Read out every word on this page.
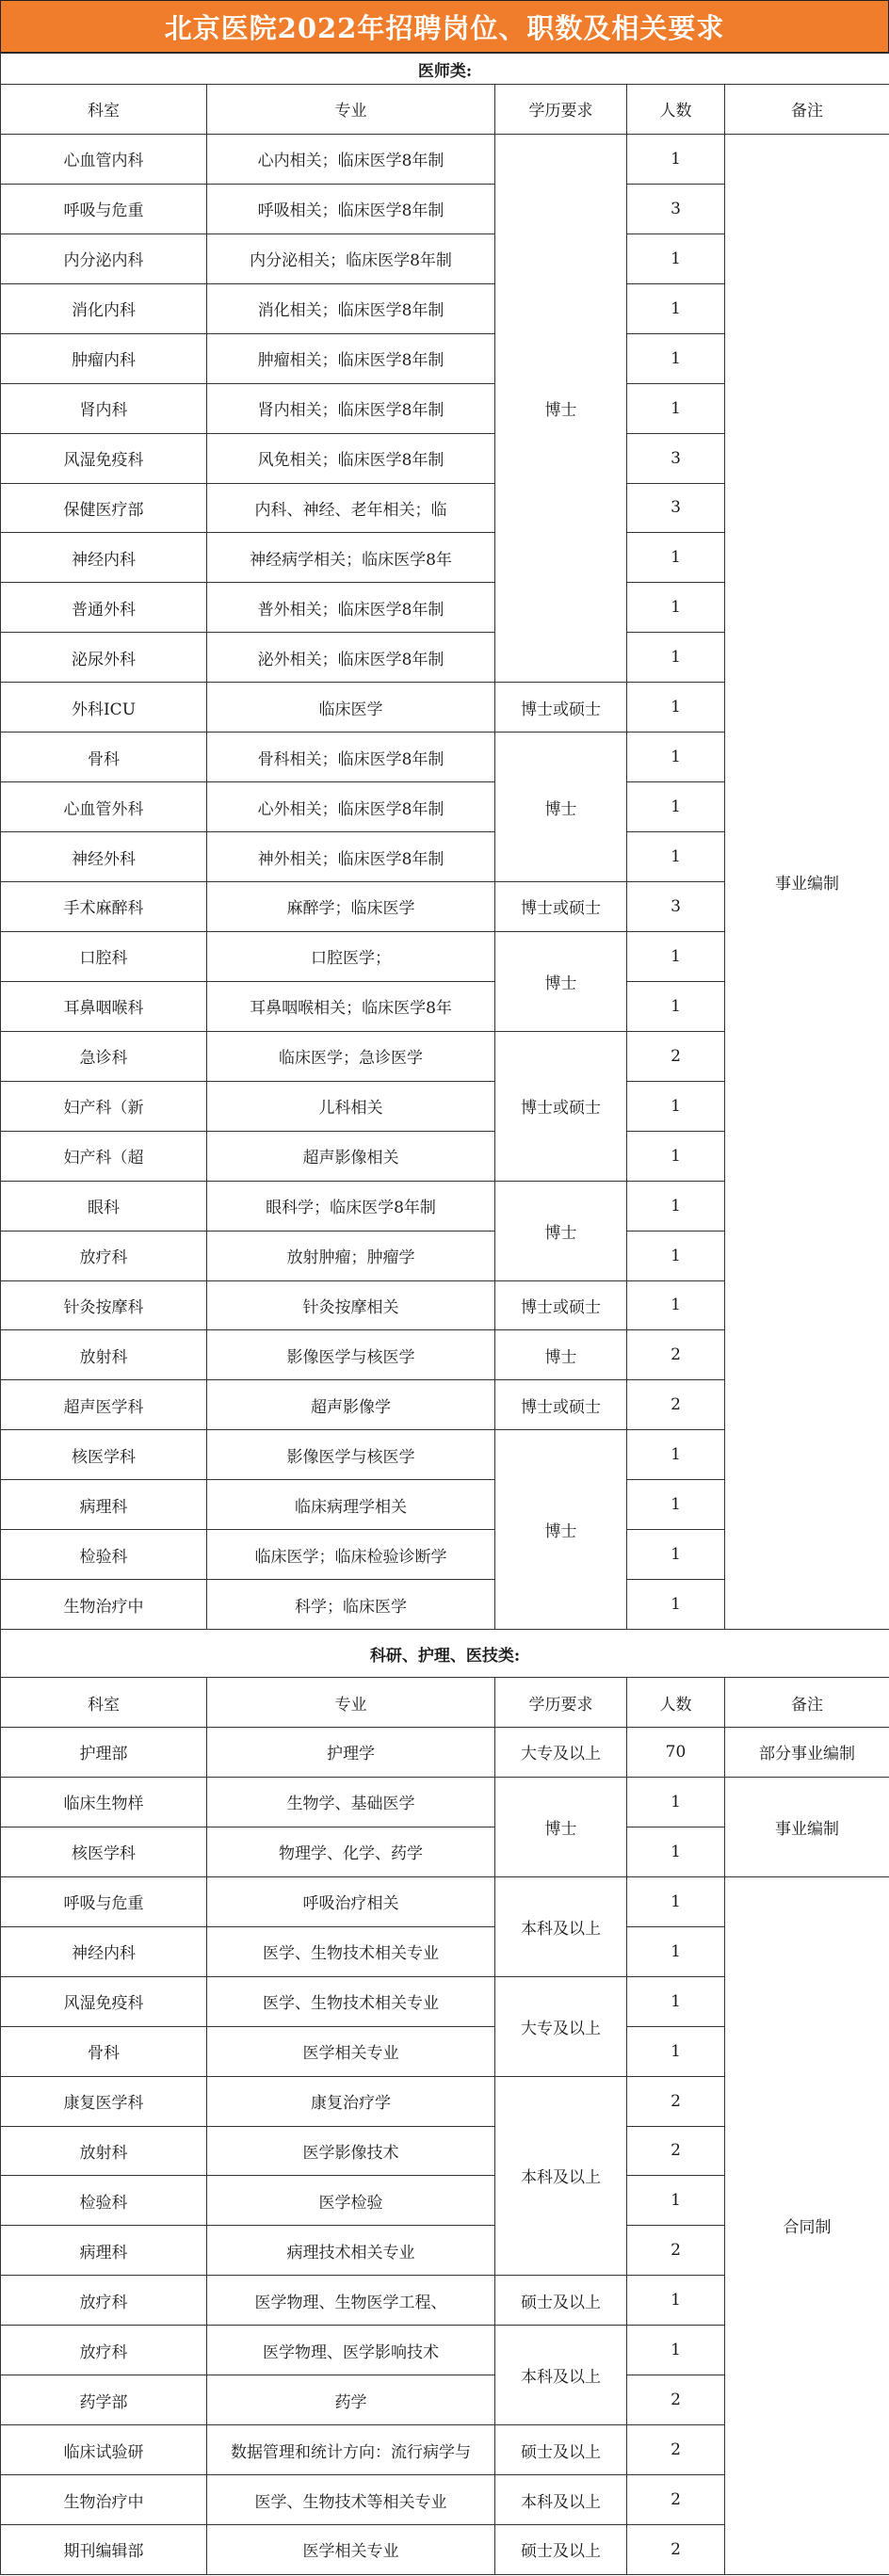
北京医院2022年招聘岗位、职数及相关要求
医师类:				
科室	专业	学历要求	人数	备注
心血管内科	心内相关；临床医学8年制	博士	1	事业编制
呼吸与危重	呼吸相关；临床医学8年制		3	
内分泌内科	内分泌相关；临床医学8年制		1	
消化内科	消化相关；临床医学8年制		1	
肿瘤内科	肿瘤相关；临床医学8年制		1	
肾内科	肾内相关；临床医学8年制		1	
风湿免疫科	风免相关；临床医学8年制		3	
保健医疗部	内科、神经、老年相关；临		3	
神经内科	神经病学相关；临床医学8年		1	
普通外科	普外相关；临床医学8年制		1	
泌尿外科	泌外相关；临床医学8年制		1	
外科ICU	临床医学	博士或硕士	1	
骨科	骨科相关；临床医学8年制	博士	1	
心血管外科	心外相关；临床医学8年制		1	
神经外科	神外相关；临床医学8年制		1	
手术麻醉科	麻醉学；临床医学	博士或硕士	3	
口腔科	口腔医学；	博士	1	
耳鼻咽喉科	耳鼻咽喉相关；临床医学8年		1	
急诊科	临床医学；急诊医学	博士或硕士	2	
妇产科（新	儿科相关		1	
妇产科（超	超声影像相关		1	
眼科	眼科学；临床医学8年制	博士	1	
放疗科	放射肿瘤；肿瘤学		1	
针灸按摩科	针灸按摩相关	博士或硕士	1	
放射科	影像医学与核医学	博士	2	
超声医学科	超声影像学	博士或硕士	2	
核医学科	影像医学与核医学	博士	1	
病理科	临床病理学相关		1	
检验科	临床医学；临床检验诊断学		1	
生物治疗中	科学；临床医学		1	
科研、护理、医技类:				
科室	专业	学历要求	人数	备注
护理部	护理学	大专及以上	70	部分事业编制
临床生物样	生物学、基础医学	博士	1	事业编制
核医学科	物理学、化学、药学		1	
呼吸与危重	呼吸治疗相关	本科及以上	1	合同制
神经内科	医学、生物技术相关专业		1	
风湿免疫科	医学、生物技术相关专业	大专及以上	1	
骨科	医学相关专业		1	
康复医学科	康复治疗学	本科及以上	2	
放射科	医学影像技术		2	
检验科	医学检验		1	
病理科	病理技术相关专业		2	
放疗科	医学物理、生物医学工程、	硕士及以上	1	
放疗科	医学物理、医学影响技术	本科及以上	1	
药学部	药学		2	
临床试验研	数据管理和统计方向：流行病学与	硕士及以上	2	
生物治疗中	医学、生物技术等相关专业	本科及以上	2	
期刊编辑部	医学相关专业	硕士及以上	2	
